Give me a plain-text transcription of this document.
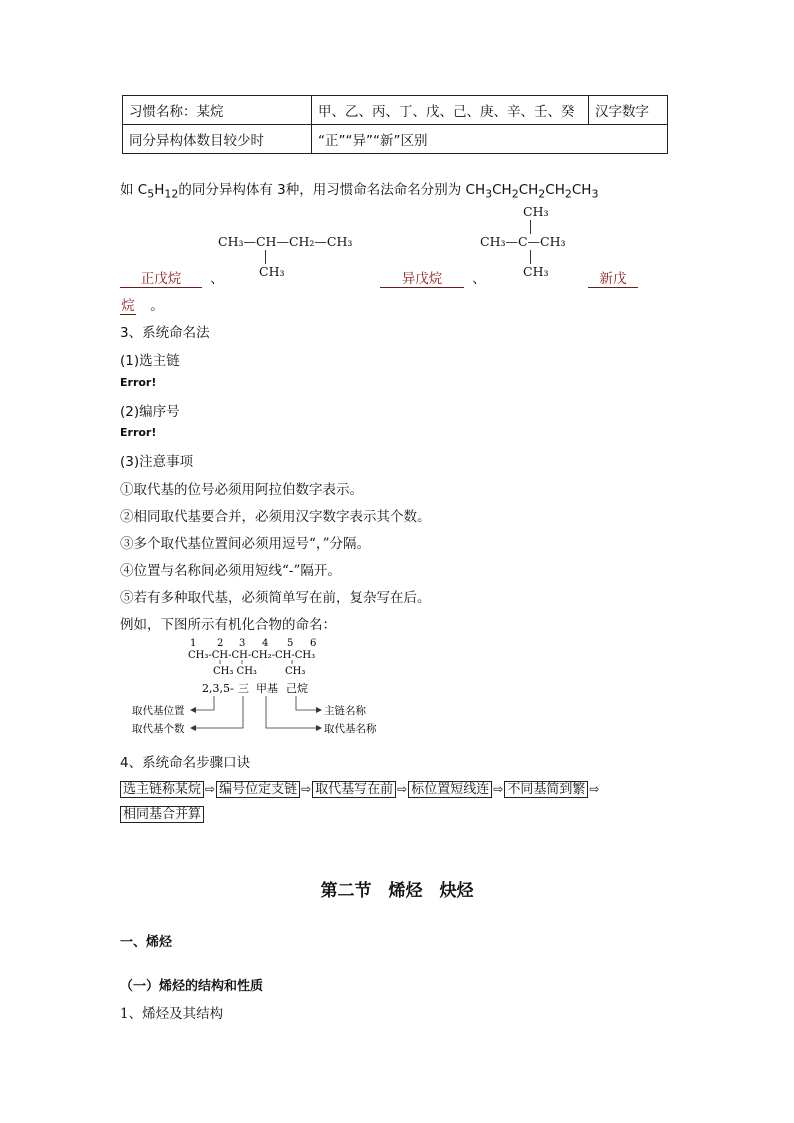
习惯名称：某烷	甲、乙、丙、丁、戊、己、庚、辛、壬、癸	汉字数字
同分异构体数目较少时	“正”“异”“新”区别	
如 $C_5H_{12}$的同分异构体有 3种，用习惯命名法命名分别为 $CH_3CH_2CH_2CH_2CH_3$
CH₃—CH—CH₂—CH₃
CH₃
CH₃
CH₃—C—CH₃
CH₃
正戊烷 、	异戊烷 、	新戊
烷 。
3、系统命名法
(1)选主链
Error!
(2)编序号
Error!
(3)注意事项
①取代基的位号必须用阿拉伯数字表示。
②相同取代基要合并，必须用汉字数字表示其个数。
③多个取代基位置间必须用逗号“，”分隔。
④位置与名称间必须用短线“-”隔开。
⑤若有多种取代基，必须简单写在前，复杂写在后。
例如，下图所示有机化合物的命名：
1 2 3 4 5 6
CH₃-CH-CH-CH₂-CH-CH₃
CH₃ CH₃	CH₃
2,3,5- 三 甲基 己烷
取代基位置
取代基个数
主链名称
取代基名称
4、系统命名步骤口诀
选主链称某烷 ⇨ 编号位定支链 ⇨ 取代基写在前 ⇨ 标位置短线连 ⇨ 不同基简到繁 ⇨
相同基合并算
第二节　烯烃　炔烃
一、烯烃
（一）烯烃的结构和性质
1、烯烃及其结构
